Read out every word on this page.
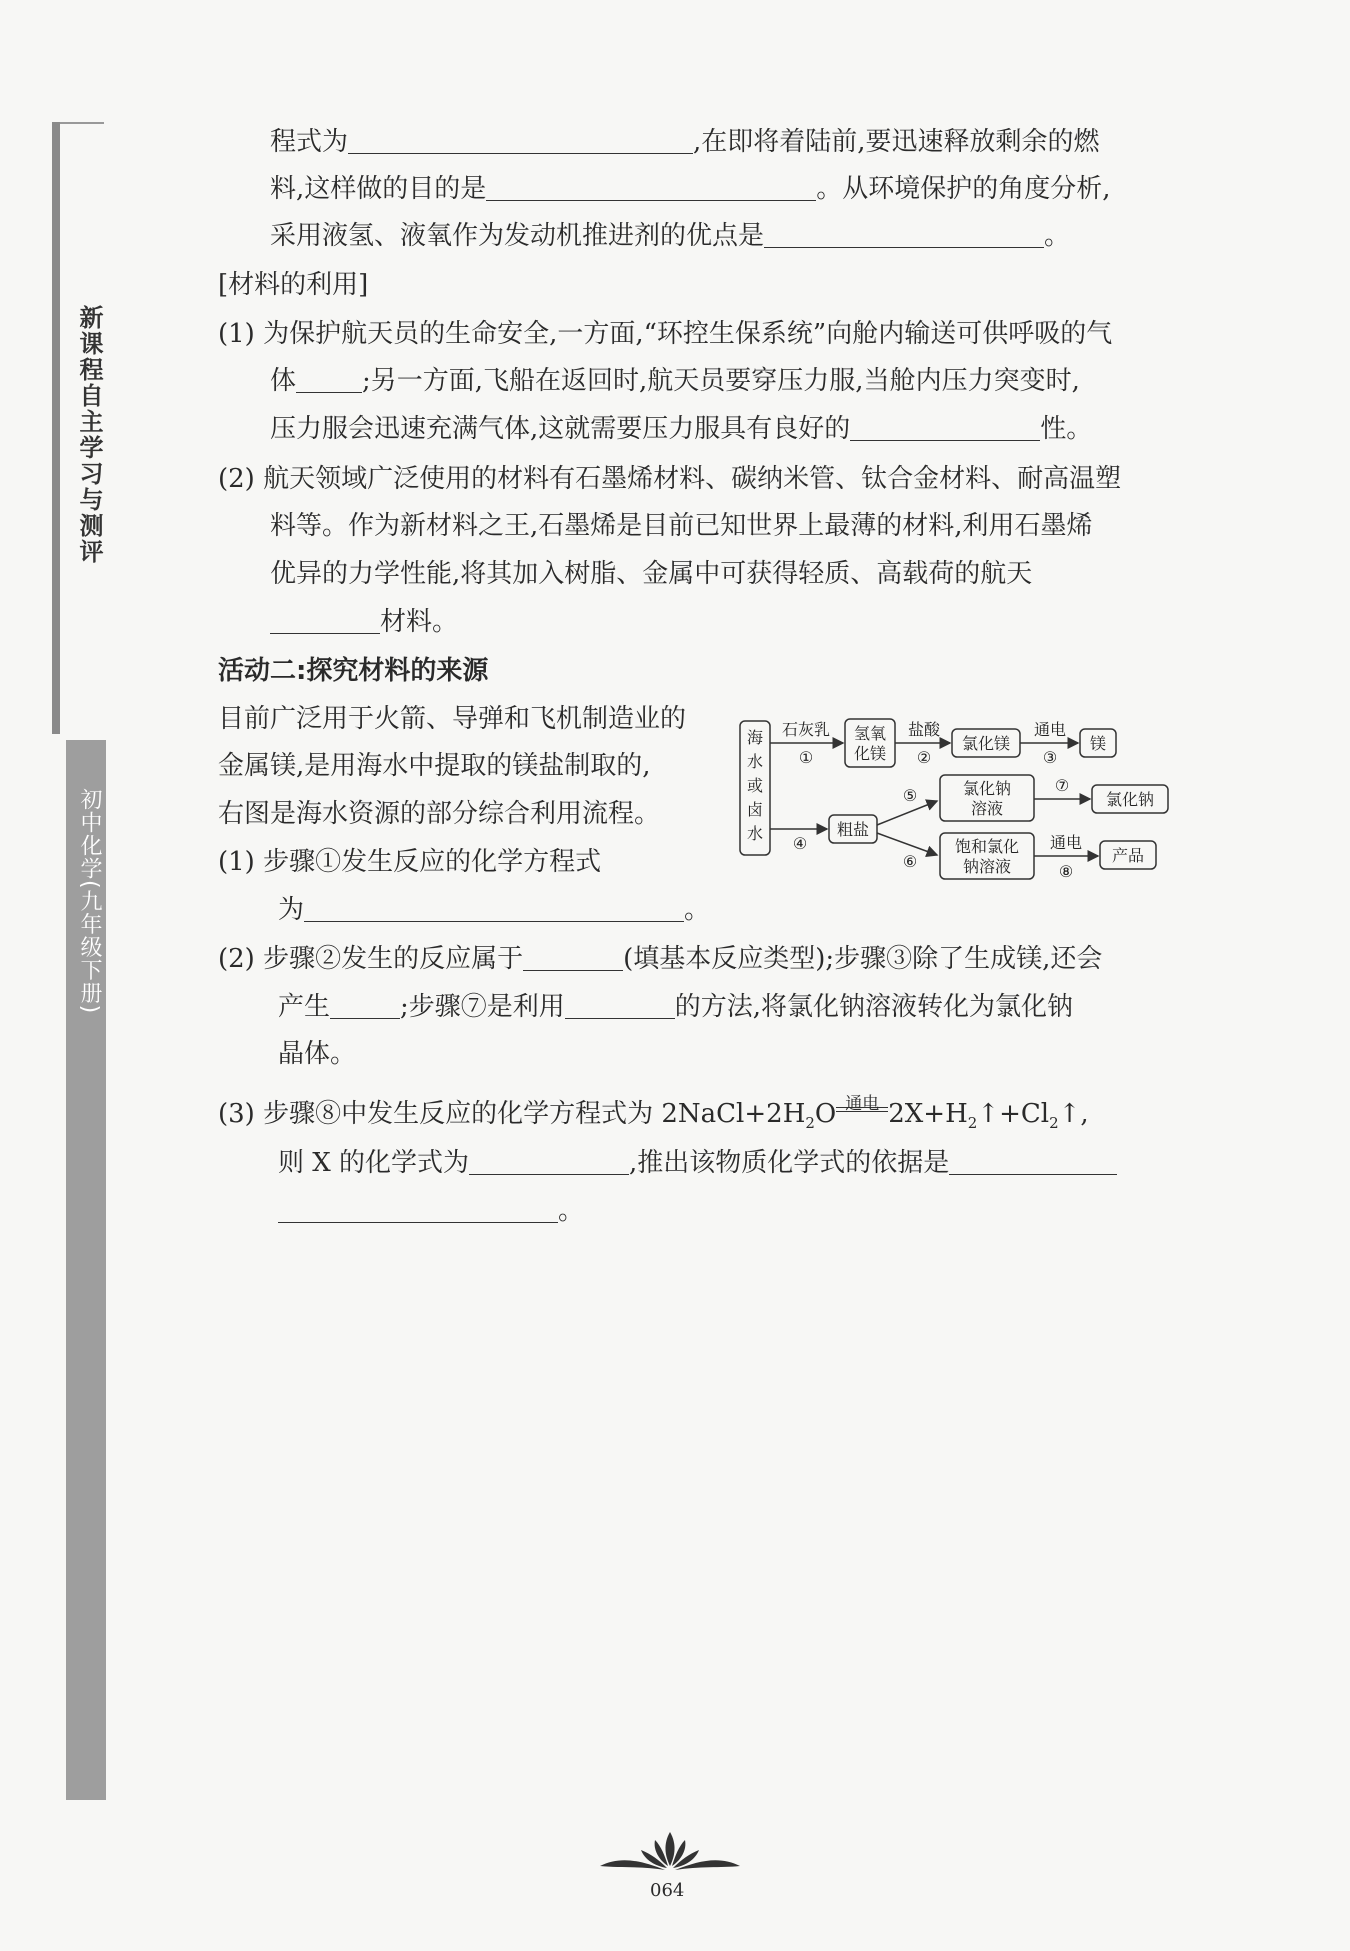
新课程自主学习与测评
初中化学(九年级下册)
程式为	,在即将着陆前,要迅速释放剩余的燃
料,这样做的目的是	。从环境保护的角度分析,
采用液氢、液氧作为发动机推进剂的优点是	。
[材料的利用]
(1) 为保护航天员的生命安全,一方面,“环控生保系统”向舱内输送可供呼吸的气
体	;另一方面,飞船在返回时,航天员要穿压力服,当舱内压力突变时,
压力服会迅速充满气体,这就需要压力服具有良好的	性。
(2) 航天领域广泛使用的材料有石墨烯材料、碳纳米管、钛合金材料、耐高温塑
料等。作为新材料之王,石墨烯是目前已知世界上最薄的材料,利用石墨烯
优异的力学性能,将其加入树脂、金属中可获得轻质、高载荷的航天
材料。
活动二:探究材料的来源
目前广泛用于火箭、导弹和飞机制造业的
金属镁,是用海水中提取的镁盐制取的,
右图是海水资源的部分综合利用流程。
(1) 步骤①发生反应的化学方程式
为	。
(2) 步骤②发生的反应属于	(填基本反应类型);步骤③除了生成镁,还会
产生	;步骤⑦是利用	的方法,将氯化钠溶液转化为氯化钠
晶体。
(3) 步骤⑧中发生反应的化学方程式为 $2NaCl+2H_2O$ 通电 $2X+H_2↑+Cl_2↑$,
则 X 的化学式为	,推出该物质化学式的依据是
。
海
水
或
卤
水
氢氧
化镁
氯化镁	镁
粗盐
氯化钠
溶液	氯化钠
饱和氯化
钠溶液
产品
石灰乳
①
盐酸
②
通电
③
④
⑤
⑥
⑦
通电
⑧
064
